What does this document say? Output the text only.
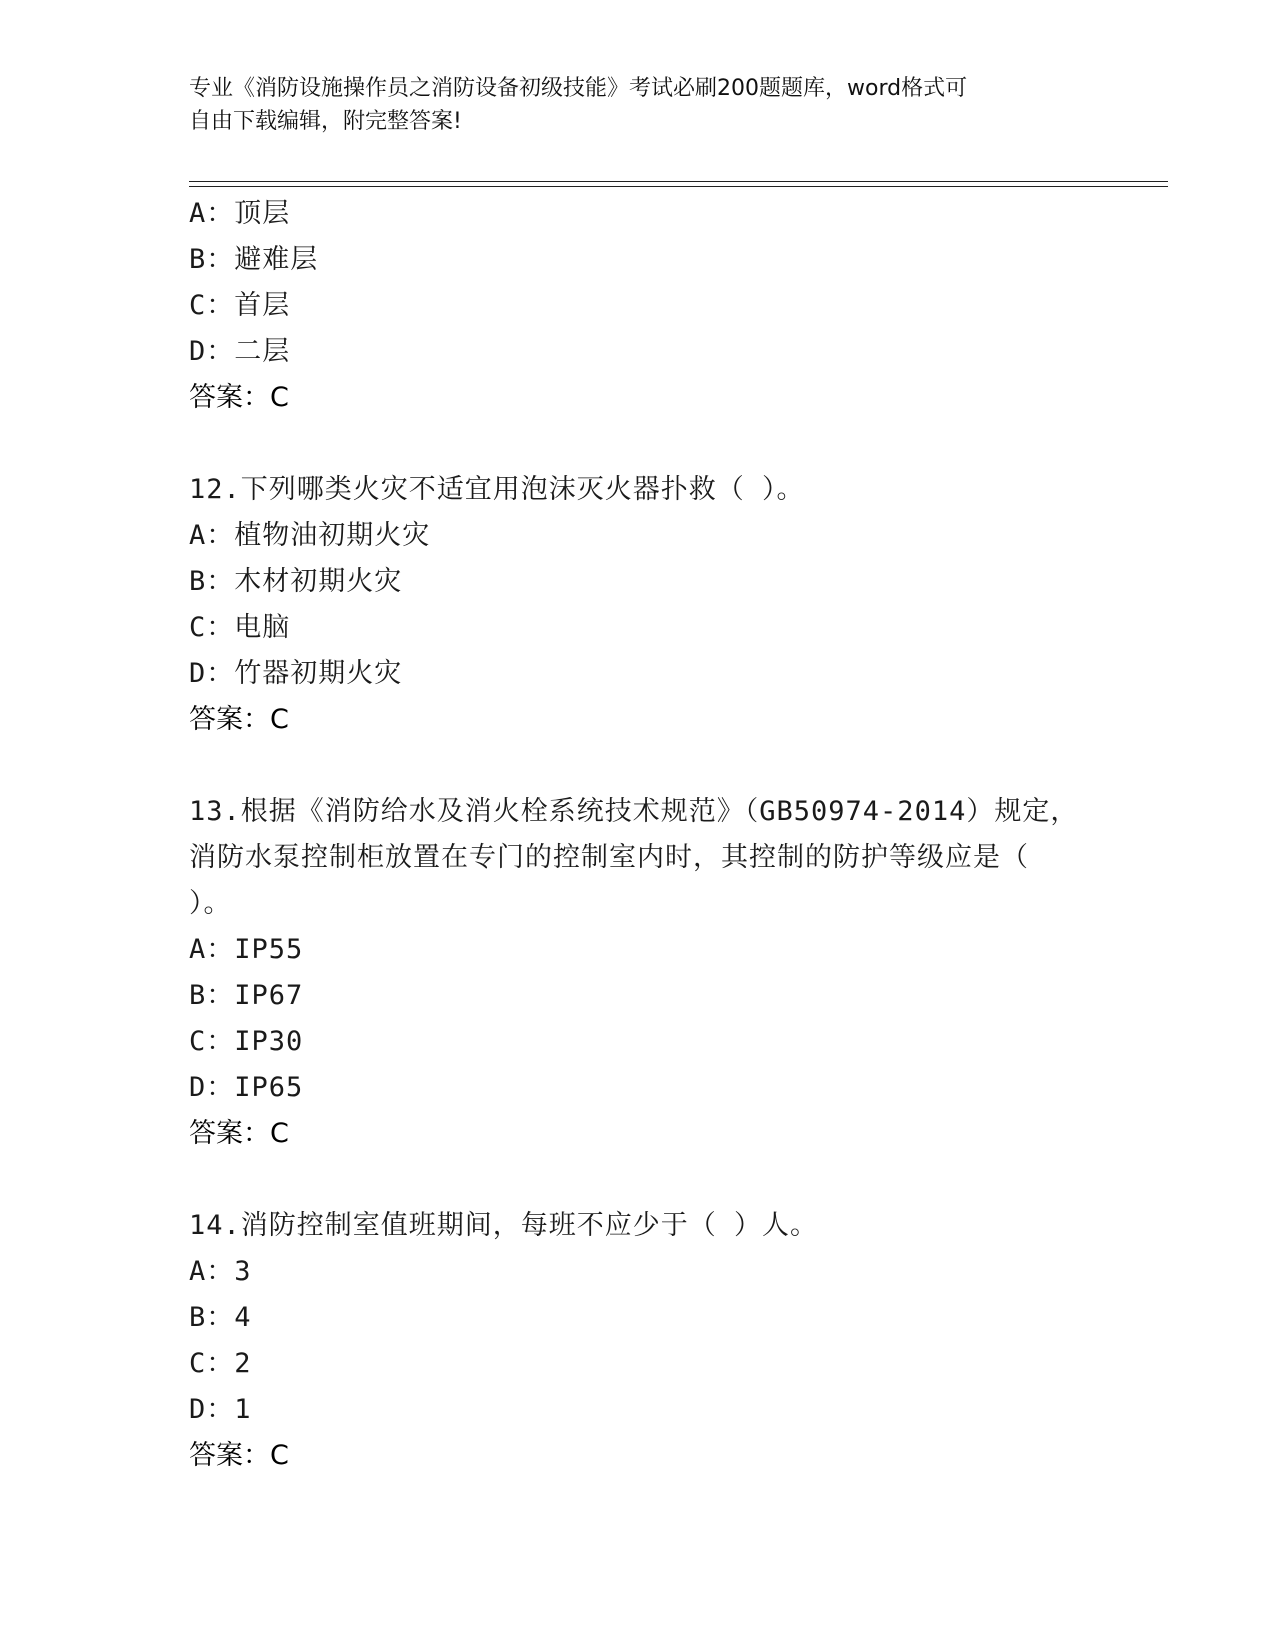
专业《消防设施操作员之消防设备初级技能》考试必刷200题题库，word格式可
自由下载编辑，附完整答案!
A：顶层
B：避难层
C：首层
D：二层
答案：C
12.下列哪类火灾不适宜用泡沫灭火器扑救（ ）。
A：植物油初期火灾
B：木材初期火灾
C：电脑
D：竹器初期火灾
答案：C
13.根据《消防给水及消火栓系统技术规范》（GB50974-2014）规定，
消防水泵控制柜放置在专门的控制室内时，其控制的防护等级应是（
）。
A：IP55
B：IP67
C：IP30
D：IP65
答案：C
14.消防控制室值班期间，每班不应少于（ ）人。
A：3
B：4
C：2
D：1
答案：C
